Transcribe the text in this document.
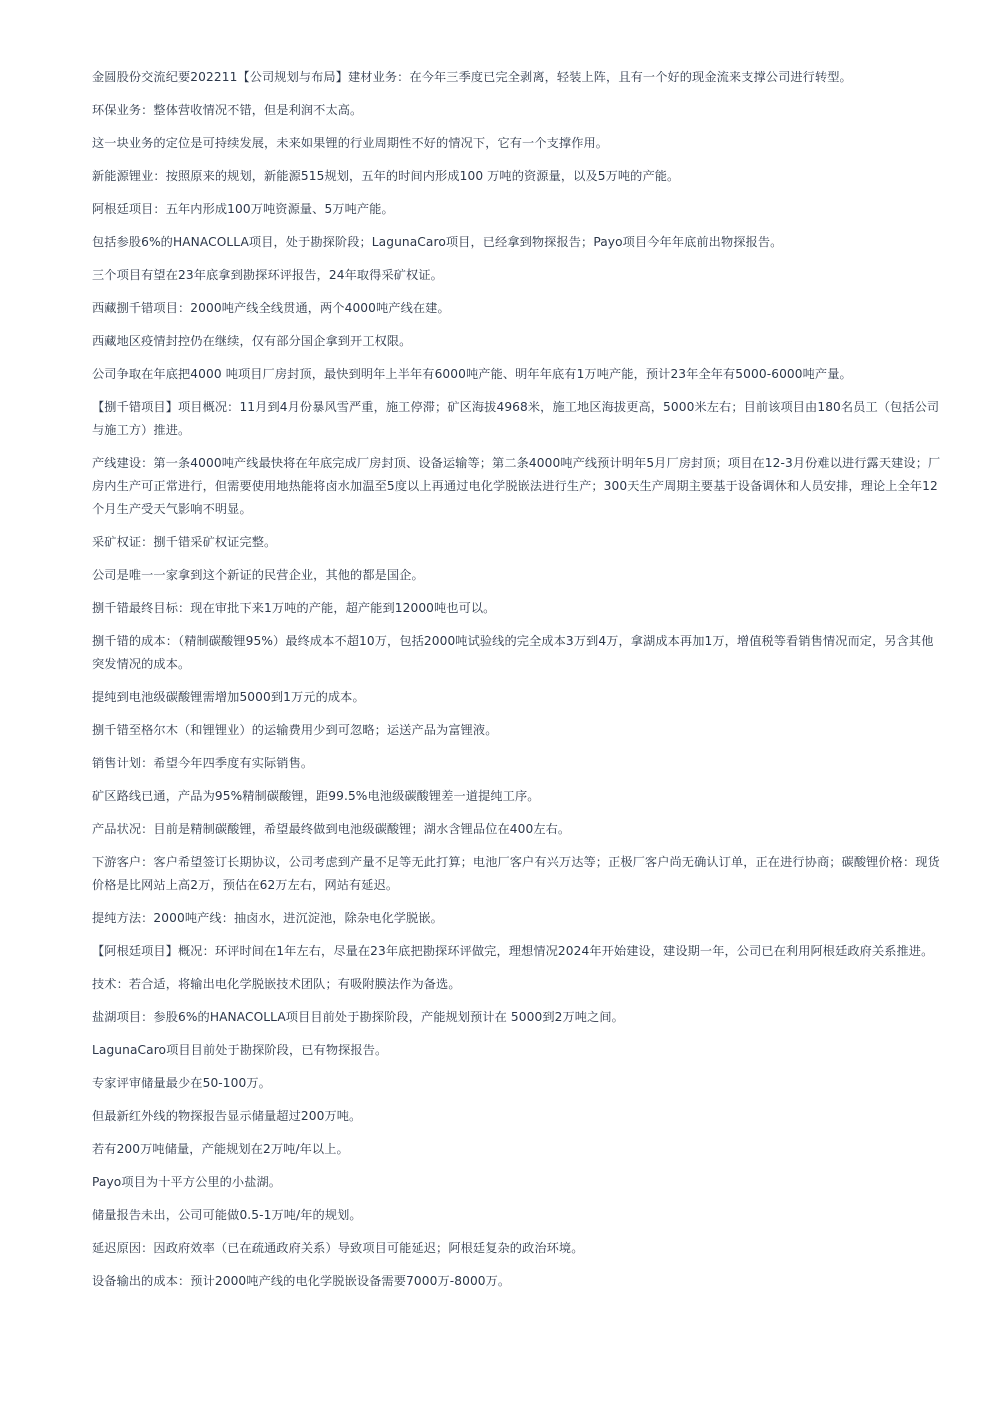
金圆股份交流纪要202211【公司规划与布局】建材业务：在今年三季度已完全剥离，轻装上阵，且有一个好的现金流来支撑公司进行转型。

环保业务：整体营收情况不错，但是利润不太高。

这一块业务的定位是可持续发展，未来如果锂的行业周期性不好的情况下，它有一个支撑作用。

新能源锂业：按照原来的规划，新能源515规划，五年的时间内形成100 万吨的资源量，以及5万吨的产能。

阿根廷项目：五年内形成100万吨资源量、5万吨产能。

包括参股6%的HANACOLLA项目，处于勘探阶段；LagunaCaro项目，已经拿到物探报告；Payo项目今年年底前出物探报告。

三个项目有望在23年底拿到勘探环评报告，24年取得采矿权证。

西藏捌千错项目：2000吨产线全线贯通，两个4000吨产线在建。

西藏地区疫情封控仍在继续，仅有部分国企拿到开工权限。

公司争取在年底把4000 吨项目厂房封顶，最快到明年上半年有6000吨产能、明年年底有1万吨产能，预计23年全年有5000-6000吨产量。

【捌千错项目】项目概况：11月到4月份暴风雪严重，施工停滞；矿区海拔4968米，施工地区海拔更高，5000米左右；目前该项目由180名员工（包括公司与施工方）推进。

产线建设：第一条4000吨产线最快将在年底完成厂房封顶、设备运输等；第二条4000吨产线预计明年5月厂房封顶；项目在12-3月份难以进行露天建设；厂房内生产可正常进行，但需要使用地热能将卤水加温至5度以上再通过电化学脱嵌法进行生产；300天生产周期主要基于设备调休和人员安排，理论上全年12个月生产受天气影响不明显。

采矿权证：捌千错采矿权证完整。

公司是唯一一家拿到这个新证的民营企业，其他的都是国企。

捌千错最终目标：现在审批下来1万吨的产能，超产能到12000吨也可以。

捌千错的成本：（精制碳酸锂95%）最终成本不超10万，包括2000吨试验线的完全成本3万到4万，拿湖成本再加1万，增值税等看销售情况而定，另含其他突发情况的成本。

提纯到电池级碳酸锂需增加5000到1万元的成本。

捌千错至格尔木（和锂锂业）的运输费用少到可忽略；运送产品为富锂液。

销售计划：希望今年四季度有实际销售。

矿区路线已通，产品为95%精制碳酸锂，距99.5%电池级碳酸锂差一道提纯工序。

产品状况：目前是精制碳酸锂，希望最终做到电池级碳酸锂；湖水含锂品位在400左右。

下游客户：客户希望签订长期协议，公司考虑到产量不足等无此打算；电池厂客户有兴万达等；正极厂客户尚无确认订单，正在进行协商；碳酸锂价格：现货价格是比网站上高2万，预估在62万左右，网站有延迟。

提纯方法：2000吨产线：抽卤水，进沉淀池，除杂电化学脱嵌。

【阿根廷项目】概况：环评时间在1年左右，尽量在23年底把勘探环评做完，理想情况2024年开始建设，建设期一年，公司已在利用阿根廷政府关系推进。

技术：若合适，将输出电化学脱嵌技术团队；有吸附膜法作为备选。

盐湖项目：参股6%的HANACOLLA项目目前处于勘探阶段，产能规划预计在 5000到2万吨之间。

LagunaCaro项目目前处于勘探阶段，已有物探报告。

专家评审储量最少在50-100万。

但最新红外线的物探报告显示储量超过200万吨。

若有200万吨储量，产能规划在2万吨/年以上。

Payo项目为十平方公里的小盐湖。

储量报告未出，公司可能做0.5-1万吨/年的规划。

延迟原因：因政府效率（已在疏通政府关系）导致项目可能延迟；阿根廷复杂的政治环境。

设备输出的成本：预计2000吨产线的电化学脱嵌设备需要7000万-8000万。
